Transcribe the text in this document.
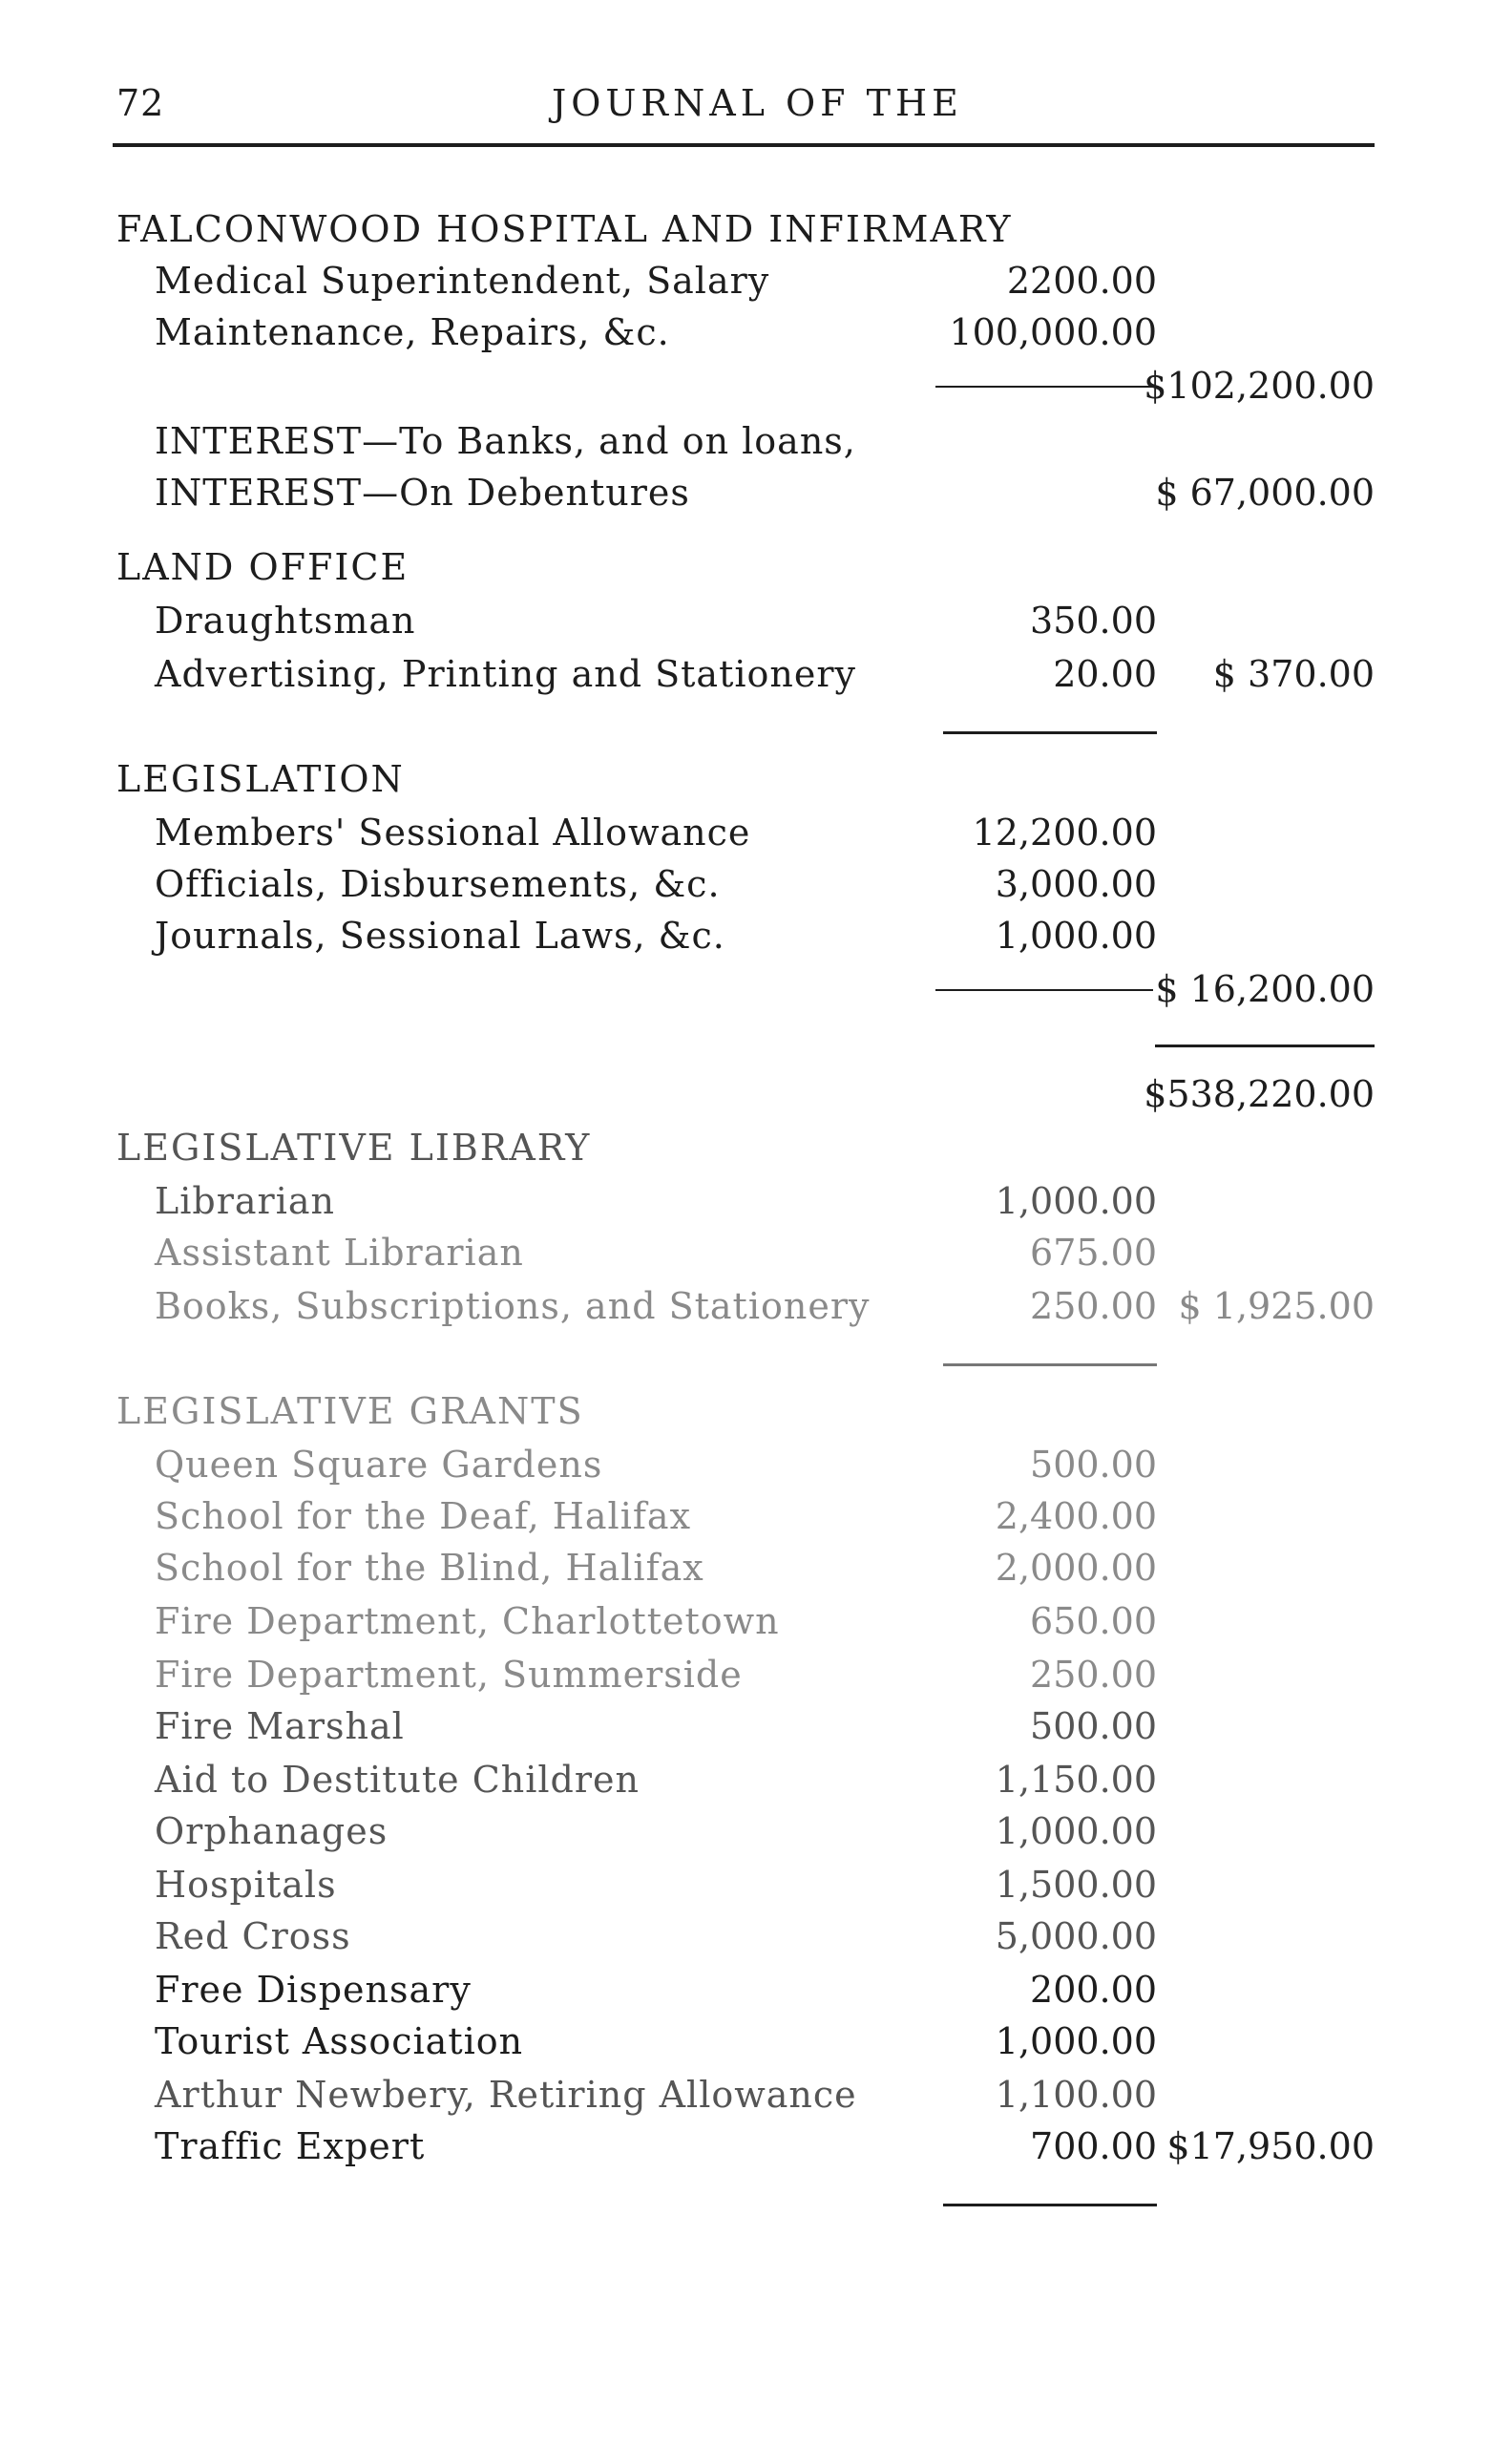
72	JOURNAL OF THE
FALCONWOOD HOSPITAL AND INFIRMARY
Medical Superintendent, Salary	2200.00
Maintenance, Repairs, &c.	100,000.00
$102,200.00
INTEREST—To Banks, and on loans,
INTEREST—On Debentures	$ 67,000.00
LAND OFFICE
Draughtsman	350.00
Advertising, Printing and Stationery	20.00 $ 370.00
LEGISLATION
Members' Sessional Allowance	12,200.00
Officials, Disbursements, &c.	3,000.00
Journals, Sessional Laws, &c.	1,000.00
$ 16,200.00
$538,220.00
LEGISLATIVE LIBRARY
Librarian	1,000.00
Assistant Librarian	675.00
Books, Subscriptions, and Stationery	250.00 $ 1,925.00
LEGISLATIVE GRANTS
Queen Square Gardens	500.00
School for the Deaf, Halifax	2,400.00
School for the Blind, Halifax	2,000.00
Fire Department, Charlottetown	650.00
Fire Department, Summerside	250.00
Fire Marshal	500.00
Aid to Destitute Children	1,150.00
Orphanages	1,000.00
Hospitals	1,500.00
Red Cross	5,000.00
Free Dispensary	200.00
Tourist Association	1,000.00
Arthur Newbery, Retiring Allowance	1,100.00
Traffic Expert	700.00 $17,950.00
